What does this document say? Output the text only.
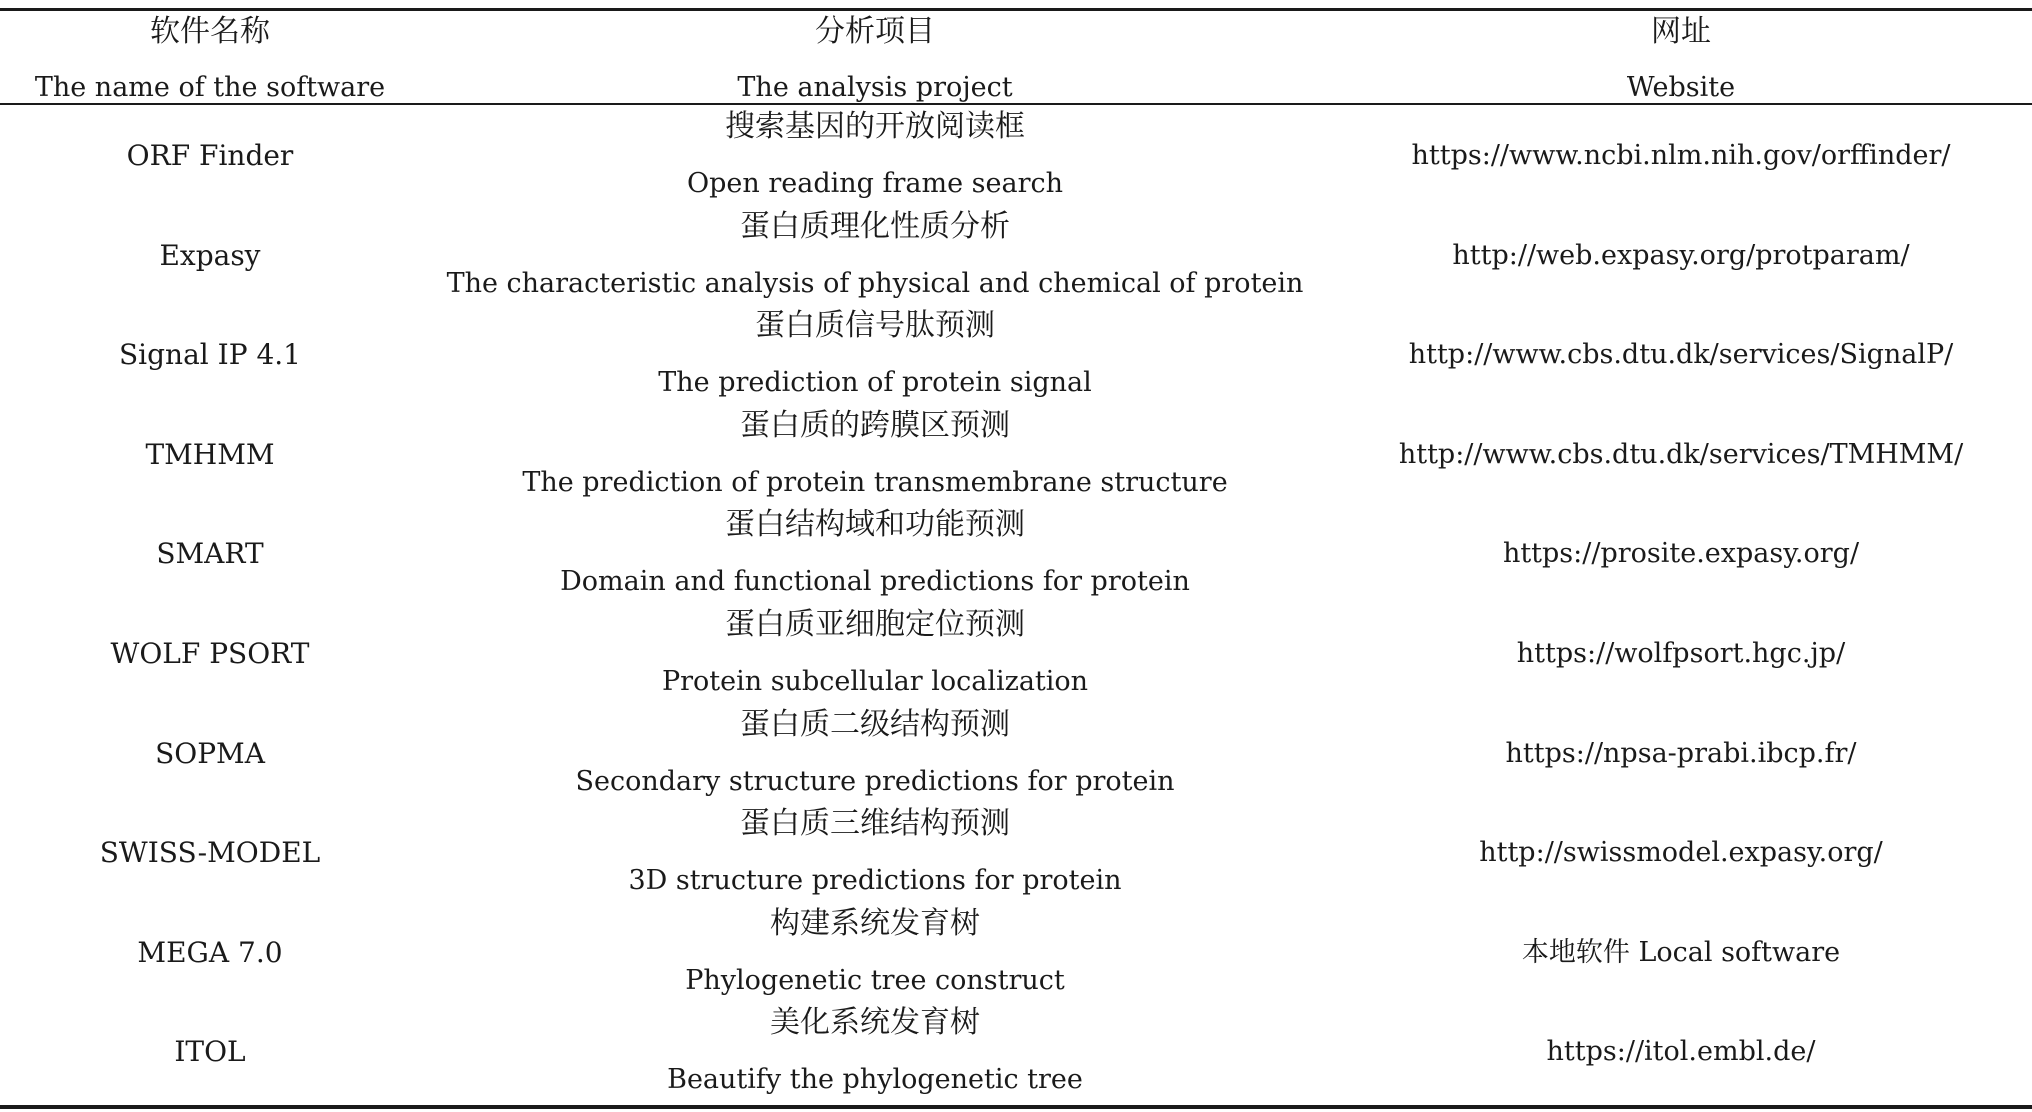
软件名称
The name of the software
分析项目
The analysis project
网址
Website
ORF Finder
搜索基因的开放阅读框
Open reading frame search
https://www.ncbi.nlm.nih.gov/orffinder/
Expasy
蛋白质理化性质分析
The characteristic analysis of physical and chemical of protein
http://web.expasy.org/protparam/
Signal IP 4.1
蛋白质信号肽预测
The prediction of protein signal
http://www.cbs.dtu.dk/services/SignalP/
TMHMM
蛋白质的跨膜区预测
The prediction of protein transmembrane structure
http://www.cbs.dtu.dk/services/TMHMM/
SMART
蛋白结构域和功能预测
Domain and functional predictions for protein
https://prosite.expasy.org/
WOLF PSORT
蛋白质亚细胞定位预测
Protein subcellular localization
https://wolfpsort.hgc.jp/
SOPMA
蛋白质二级结构预测
Secondary structure predictions for protein
https://npsa-prabi.ibcp.fr/
SWISS-MODEL
蛋白质三维结构预测
3D structure predictions for protein
http://swissmodel.expasy.org/
MEGA 7.0
构建系统发育树
Phylogenetic tree construct
本地软件 Local software
ITOL
美化系统发育树
Beautify the phylogenetic tree
https://itol.embl.de/
